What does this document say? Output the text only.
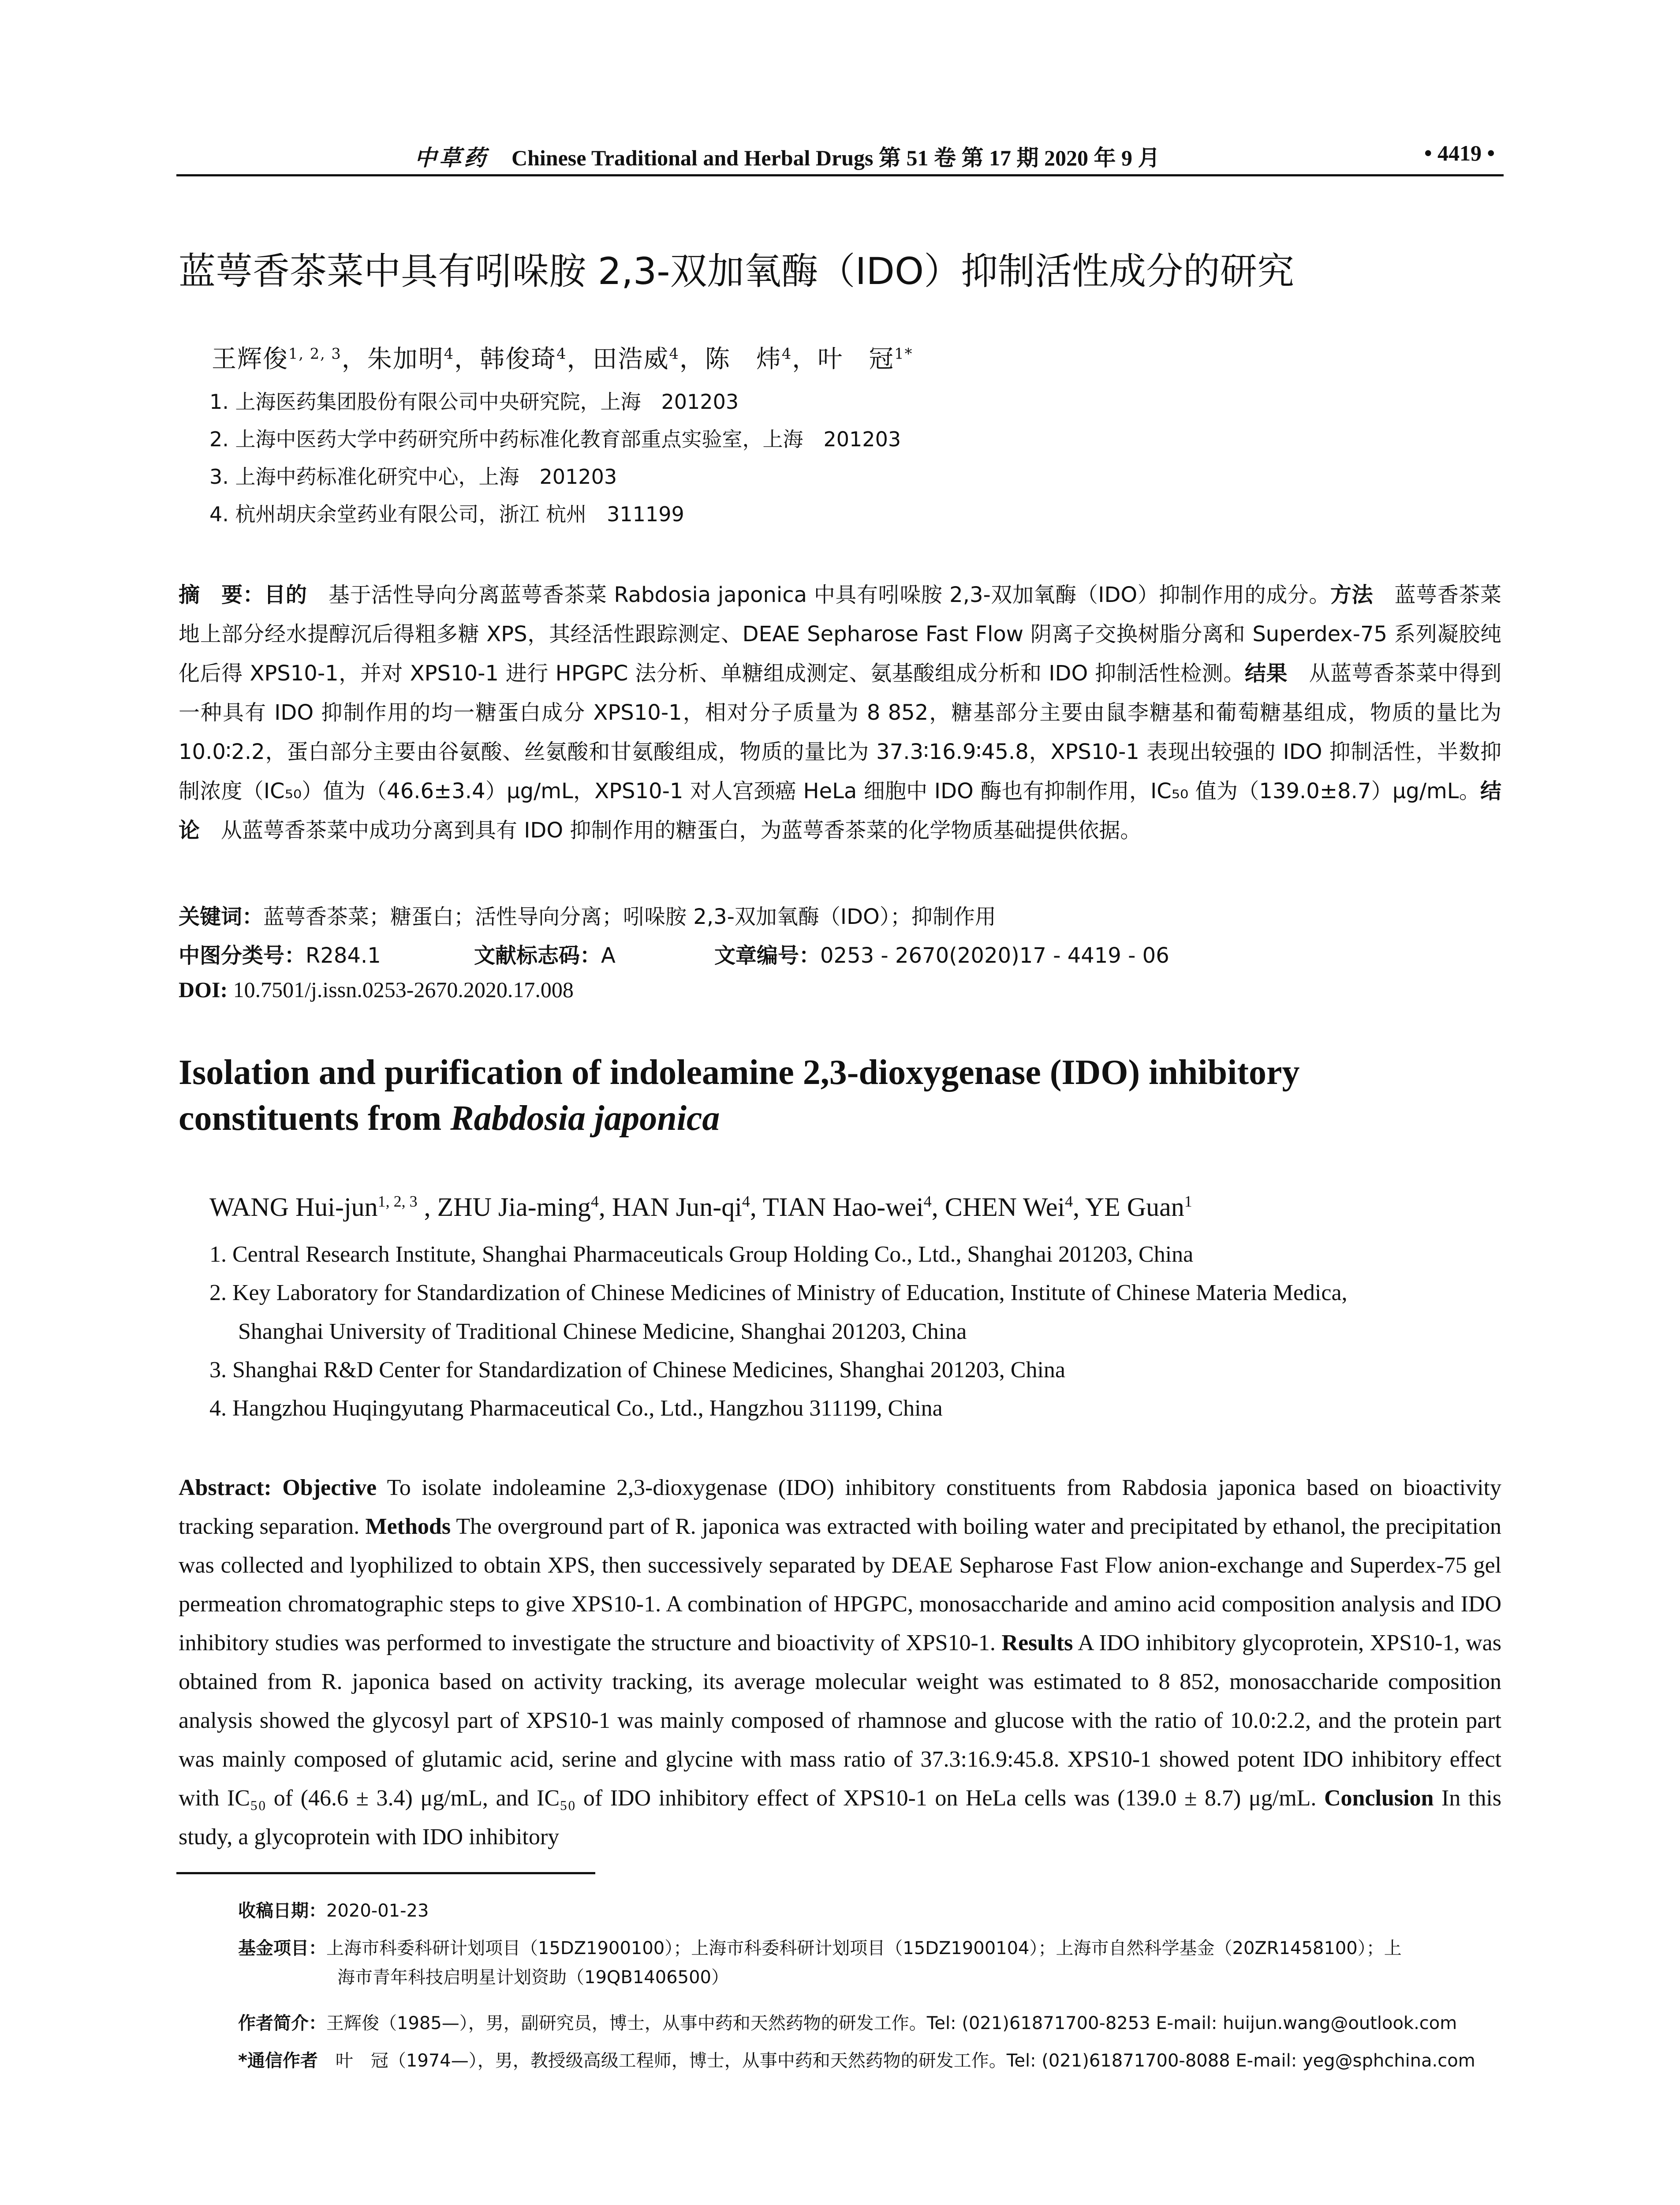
中草药 Chinese Traditional and Herbal Drugs 第 51 卷 第 17 期 2020 年 9 月	• 4419 •
蓝萼香茶菜中具有吲哚胺 2,3-双加氧酶（IDO）抑制活性成分的研究
王辉俊$^{1, 2, 3}$，朱加明$^4$，韩俊琦$^4$，田浩威$^4$，陈　炜$^4$，叶　冠$^{1*}$
1. 上海医药集团股份有限公司中央研究院，上海　201203
2. 上海中医药大学中药研究所中药标准化教育部重点实验室，上海　201203
3. 上海中药标准化研究中心，上海　201203
4. 杭州胡庆余堂药业有限公司，浙江 杭州　311199
摘　要：目的　基于活性导向分离蓝萼香茶菜 Rabdosia japonica 中具有吲哚胺 2,3-双加氧酶（IDO）抑制作用的成分。方法　蓝萼香茶菜地上部分经水提醇沉后得粗多糖 XPS，其经活性跟踪测定、DEAE Sepharose Fast Flow 阴离子交换树脂分离和 Superdex-75 系列凝胶纯化后得 XPS10-1，并对 XPS10-1 进行 HPGPC 法分析、单糖组成测定、氨基酸组成分析和 IDO 抑制活性检测。结果　从蓝萼香茶菜中得到一种具有 IDO 抑制作用的均一糖蛋白成分 XPS10-1，相对分子质量为 8 852，糖基部分主要由鼠李糖基和葡萄糖基组成，物质的量比为 10.0∶2.2，蛋白部分主要由谷氨酸、丝氨酸和甘氨酸组成，物质的量比为 37.3∶16.9∶45.8，XPS10-1 表现出较强的 IDO 抑制活性，半数抑制浓度（IC₅₀）值为（46.6±3.4）μg/mL，XPS10-1 对人宫颈癌 HeLa 细胞中 IDO 酶也有抑制作用，IC₅₀ 值为（139.0±8.7）μg/mL。结论　从蓝萼香茶菜中成功分离到具有 IDO 抑制作用的糖蛋白，为蓝萼香茶菜的化学物质基础提供依据。
关键词：蓝萼香茶菜；糖蛋白；活性导向分离；吲哚胺 2,3-双加氧酶（IDO）；抑制作用
中图分类号：R284.1	文献标志码：A	文章编号：0253 - 2670(2020)17 - 4419 - 06
DOI: 10.7501/j.issn.0253-2670.2020.17.008
Isolation and purification of indoleamine 2,3-dioxygenase (IDO) inhibitory
constituents from Rabdosia japonica
WANG Hui-jun$^{1, 2, 3}$ , ZHU Jia-ming$^4$, HAN Jun-$qi^4$, TIAN Hao-wei$^4$, CHEN Wei$^4$, YE Guan$^1$
1. Central Research Institute, Shanghai Pharmaceuticals Group Holding Co., Ltd., Shanghai 201203, China
2. Key Laboratory for Standardization of Chinese Medicines of Ministry of Education, Institute of Chinese Materia Medica,
Shanghai University of Traditional Chinese Medicine, Shanghai 201203, China
3. Shanghai R&D Center for Standardization of Chinese Medicines, Shanghai 201203, China
4. Hangzhou Huqingyutang Pharmaceutical Co., Ltd., Hangzhou 311199, China
Abstract: Objective To isolate indoleamine 2,3-dioxygenase (IDO) inhibitory constituents from Rabdosia japonica based on bioactivity tracking separation. Methods The overground part of R. japonica was extracted with boiling water and precipitated by ethanol, the precipitation was collected and lyophilized to obtain XPS, then successively separated by DEAE Sepharose Fast Flow anion-exchange and Superdex-75 gel permeation chromatographic steps to give XPS10-1. A combination of HPGPC, monosaccharide and amino acid composition analysis and IDO inhibitory studies was performed to investigate the structure and bioactivity of XPS10-1. Results A IDO inhibitory glycoprotein, XPS10-1, was obtained from R. japonica based on activity tracking, its average molecular weight was estimated to 8 852, monosaccharide composition analysis showed the glycosyl part of XPS10-1 was mainly composed of rhamnose and glucose with the ratio of 10.0:2.2, and the protein part was mainly composed of glutamic acid, serine and glycine with mass ratio of 37.3:16.9:45.8. XPS10-1 showed potent IDO inhibitory effect with IC₅₀ of (46.6 ± 3.4) μg/mL, and IC₅₀ of IDO inhibitory effect of XPS10-1 on HeLa cells was (139.0 ± 8.7) μg/mL. Conclusion In this study, a glycoprotein with IDO inhibitory
收稿日期：2020-01-23
基金项目：上海市科委科研计划项目（15DZ1900100）；上海市科委科研计划项目（15DZ1900104）；上海市自然科学基金（20ZR1458100）；上
海市青年科技启明星计划资助（19QB1406500）
作者简介：王辉俊（1985—），男，副研究员，博士，从事中药和天然药物的研发工作。Tel: (021)61871700-8253 E-mail: huijun.wang@outlook.com
*通信作者　叶　冠（1974—），男，教授级高级工程师，博士，从事中药和天然药物的研发工作。Tel: (021)61871700-8088 E-mail: yeg@sphchina.com
